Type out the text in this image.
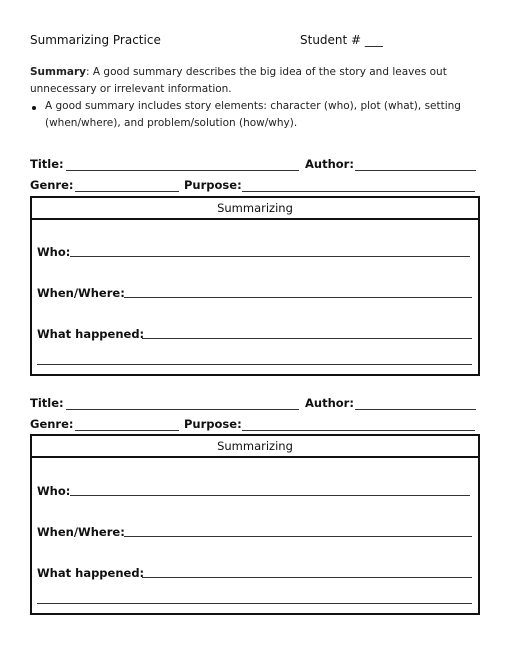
Summarizing Practice	Student # ___
Summary: A good summary describes the big idea of the story and leaves out unnecessary or irrelevant information.
A good summary includes story elements: character (who), plot (what), setting
(when/where), and problem/solution (how/why).
Title:	Author:
Genre:	Purpose:
Summarizing
Who:
When/Where:
What happened:
Title:	Author:
Genre:	Purpose:
Summarizing
Who:
When/Where:
What happened:
